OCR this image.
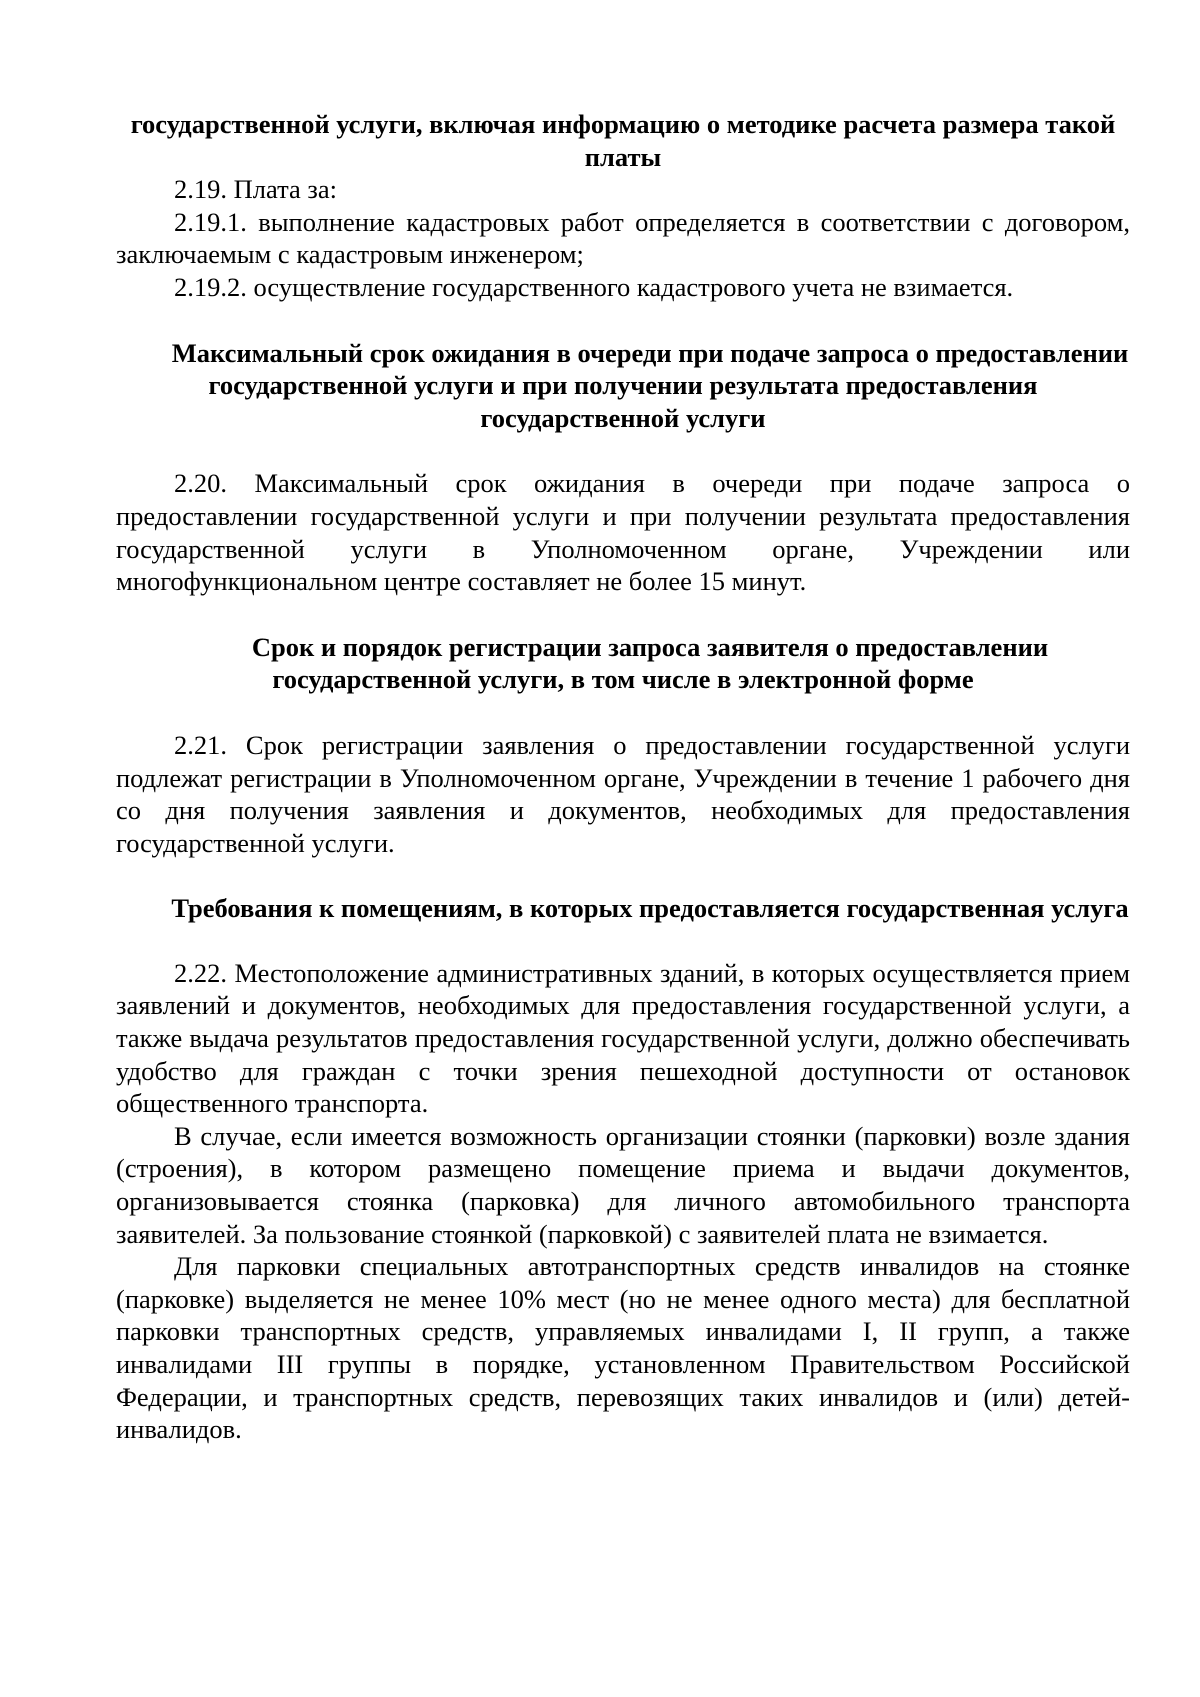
государственной услуги, включая информацию о методике расчета размера такой платы

2.19. Плата за:

2.19.1. выполнение кадастровых работ определяется в соответствии с договором, заключаемым с кадастровым инженером;

2.19.2. осуществление государственного кадастрового учета не взимается.

Максимальный срок ожидания в очереди при подаче запроса о предоставлении государственной услуги и при получении результата предоставления государственной услуги

2.20. Максимальный срок ожидания в очереди при подаче запроса о предоставлении государственной услуги и при получении результата предоставления государственной услуги в Уполномоченном органе, Учреждении или многофункциональном центре составляет не более 15 минут.

Срок и порядок регистрации запроса заявителя о предоставлении государственной услуги, в том числе в электронной форме

2.21. Срок регистрации заявления о предоставлении государственной услуги подлежат регистрации в Уполномоченном органе, Учреждении в течение 1 рабочего дня со дня получения заявления и документов, необходимых для предоставления государственной услуги.

Требования к помещениям, в которых предоставляется государственная услуга

2.22. Местоположение административных зданий, в которых осуществляется прием заявлений и документов, необходимых для предоставления государственной услуги, а также выдача результатов предоставления государственной услуги, должно обеспечивать удобство для граждан с точки зрения пешеходной доступности от остановок общественного транспорта.

В случае, если имеется возможность организации стоянки (парковки) возле здания (строения), в котором размещено помещение приема и выдачи документов, организовывается стоянка (парковка) для личного автомобильного транспорта заявителей. За пользование стоянкой (парковкой) с заявителей плата не взимается.

Для парковки специальных автотранспортных средств инвалидов на стоянке (парковке) выделяется не менее 10% мест (но не менее одного места) для бесплатной парковки транспортных средств, управляемых инвалидами I, II групп, а также инвалидами III группы в порядке, установленном Правительством Российской Федерации, и транспортных средств, перевозящих таких инвалидов и (или) детей-инвалидов.
